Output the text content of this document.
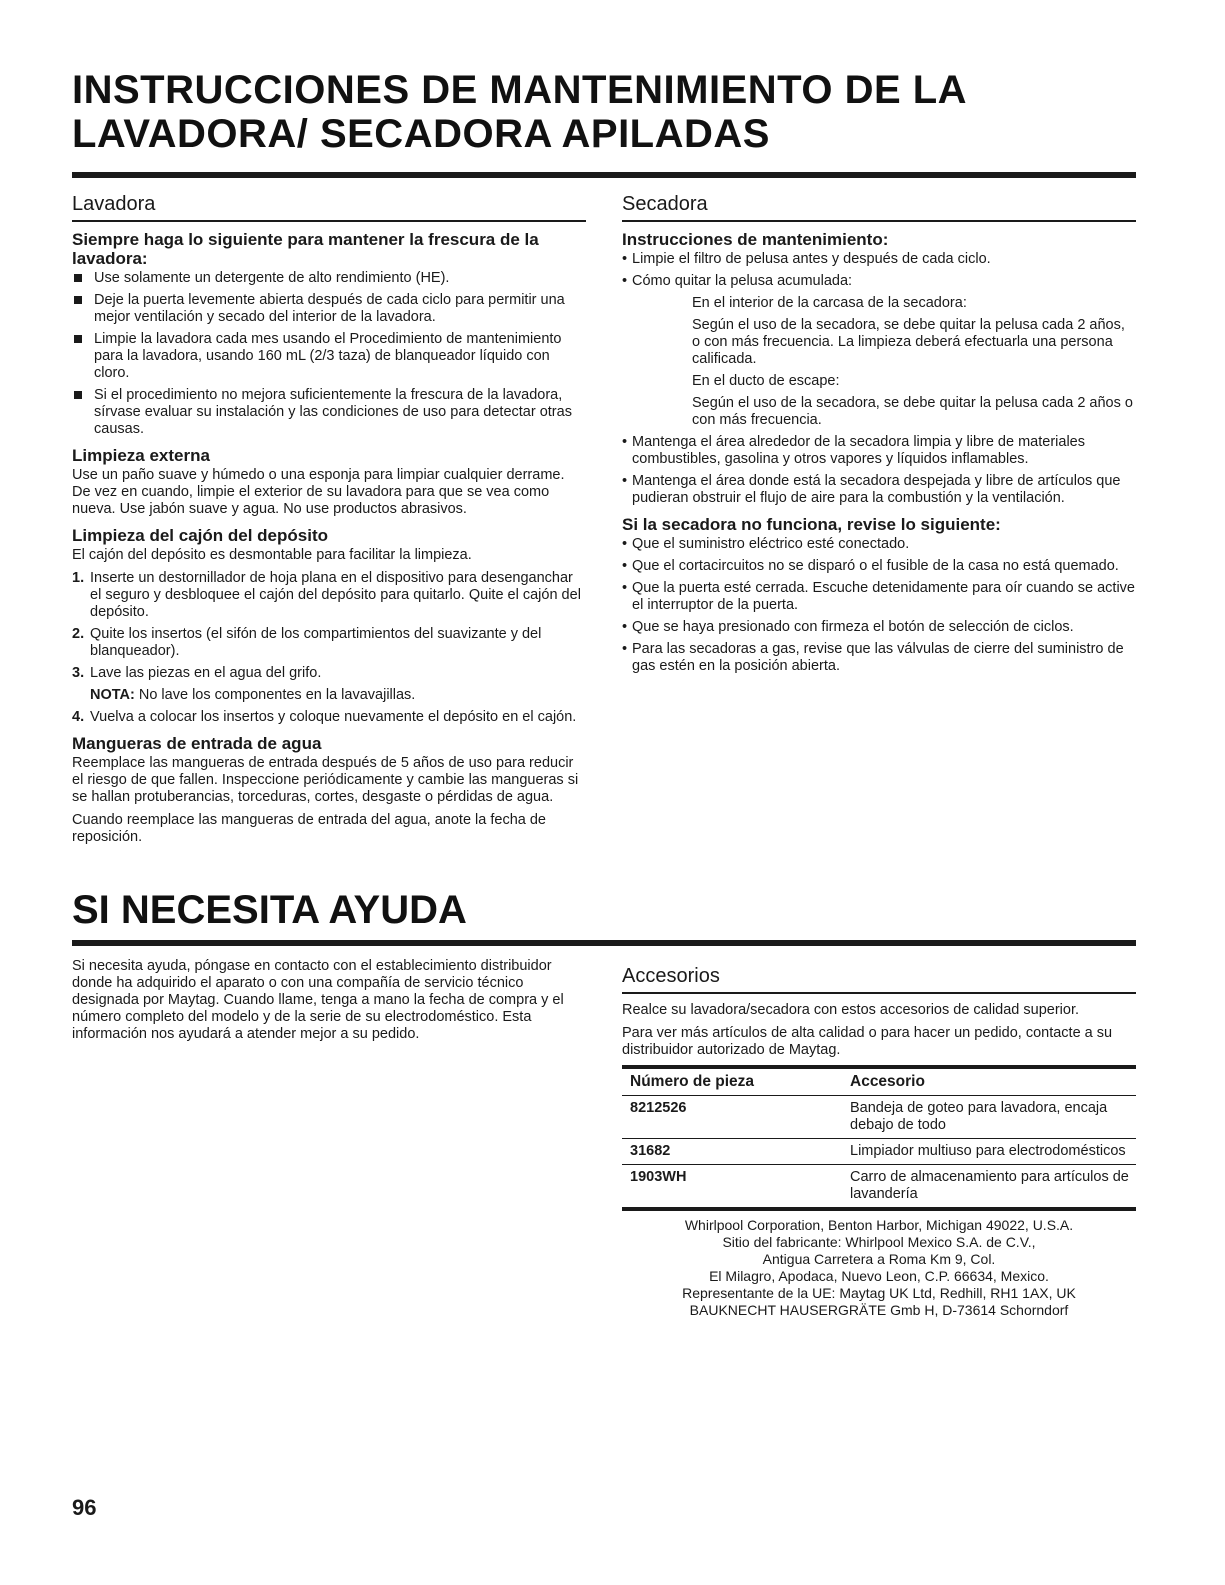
INSTRUCCIONES DE MANTENIMIENTO DE LA LAVADORA/ SECADORA APILADAS
Lavadora
Siempre haga lo siguiente para mantener la frescura de la lavadora:
Use solamente un detergente de alto rendimiento (HE).
Deje la puerta levemente abierta después de cada ciclo para permitir una mejor ventilación y secado del interior de la lavadora.
Limpie la lavadora cada mes usando el Procedimiento de mantenimiento para la lavadora, usando 160 mL (2/3 taza) de blanqueador líquido con cloro.
Si el procedimiento no mejora suficientemente la frescura de la lavadora, sírvase evaluar su instalación y las condiciones de uso para detectar otras causas.
Limpieza externa

Use un paño suave y húmedo o una esponja para limpiar cualquier derrame. De vez en cuando, limpie el exterior de su lavadora para que se vea como nueva. Use jabón suave y agua. No use productos abrasivos.

Limpieza del cajón del depósito

El cajón del depósito es desmontable para facilitar la limpieza.

1. Inserte un destornillador de hoja plana en el dispositivo para desenganchar el seguro y desbloquee el cajón del depósito para quitarlo. Quite el cajón del depósito.
2. Quite los insertos (el sifón de los compartimientos del suavizante y del blanqueador).
3. Lave las piezas en el agua del grifo.
NOTA: No lave los componentes en la lavavajillas.
4. Vuelva a colocar los insertos y coloque nuevamente el depósito en el cajón.
Mangueras de entrada de agua

Reemplace las mangueras de entrada después de 5 años de uso para reducir el riesgo de que fallen. Inspeccione periódicamente y cambie las mangueras si se hallan protuberancias, torceduras, cortes, desgaste o pérdidas de agua.

Cuando reemplace las mangueras de entrada del agua, anote la fecha de reposición.

Secadora
Instrucciones de mantenimiento:
• Limpie el filtro de pelusa antes y después de cada ciclo.
• Cómo quitar la pelusa acumulada:
En el interior de la carcasa de la secadora:
Según el uso de la secadora, se debe quitar la pelusa cada 2 años, o con más frecuencia. La limpieza deberá efectuarla una persona calificada.
En el ducto de escape:
Según el uso de la secadora, se debe quitar la pelusa cada 2 años o con más frecuencia.
• Mantenga el área alrededor de la secadora limpia y libre de materiales combustibles, gasolina y otros vapores y líquidos inflamables.
• Mantenga el área donde está la secadora despejada y libre de artículos que pudieran obstruir el flujo de aire para la combustión y la ventilación.
Si la secadora no funciona, revise lo siguiente:
• Que el suministro eléctrico esté conectado.
• Que el cortacircuitos no se disparó o el fusible de la casa no está quemado.
• Que la puerta esté cerrada. Escuche detenidamente para oír cuando se active el interruptor de la puerta.
• Que se haya presionado con firmeza el botón de selección de ciclos.
• Para las secadoras a gas, revise que las válvulas de cierre del suministro de gas estén en la posición abierta.
SI NECESITA AYUDA

Si necesita ayuda, póngase en contacto con el establecimiento distribuidor donde ha adquirido el aparato o con una compañía de servicio técnico designada por Maytag. Cuando llame, tenga a mano la fecha de compra y el número completo del modelo y de la serie de su electrodoméstico. Esta información nos ayudará a atender mejor a su pedido.

Accesorios

Realce su lavadora/secadora con estos accesorios de calidad superior.

Para ver más artículos de alta calidad o para hacer un pedido, contacte a su distribuidor autorizado de Maytag.

Número de pieza	Accesorio
8212526	Bandeja de goteo para lavadora, encaja debajo de todo
31682	Limpiador multiuso para electrodomésticos
1903WH	Carro de almacenamiento para artículos de lavandería
Whirlpool Corporation, Benton Harbor, Michigan 49022, U.S.A.
Sitio del fabricante: Whirlpool Mexico S.A. de C.V.,
Antigua Carretera a Roma Km 9, Col.
El Milagro, Apodaca, Nuevo Leon, C.P. 66634, Mexico.
Representante de la UE: Maytag UK Ltd, Redhill, RH1 1AX, UK
BAUKNECHT HAUSERGRÄTE Gmb H, D-73614 Schorndorf
96
